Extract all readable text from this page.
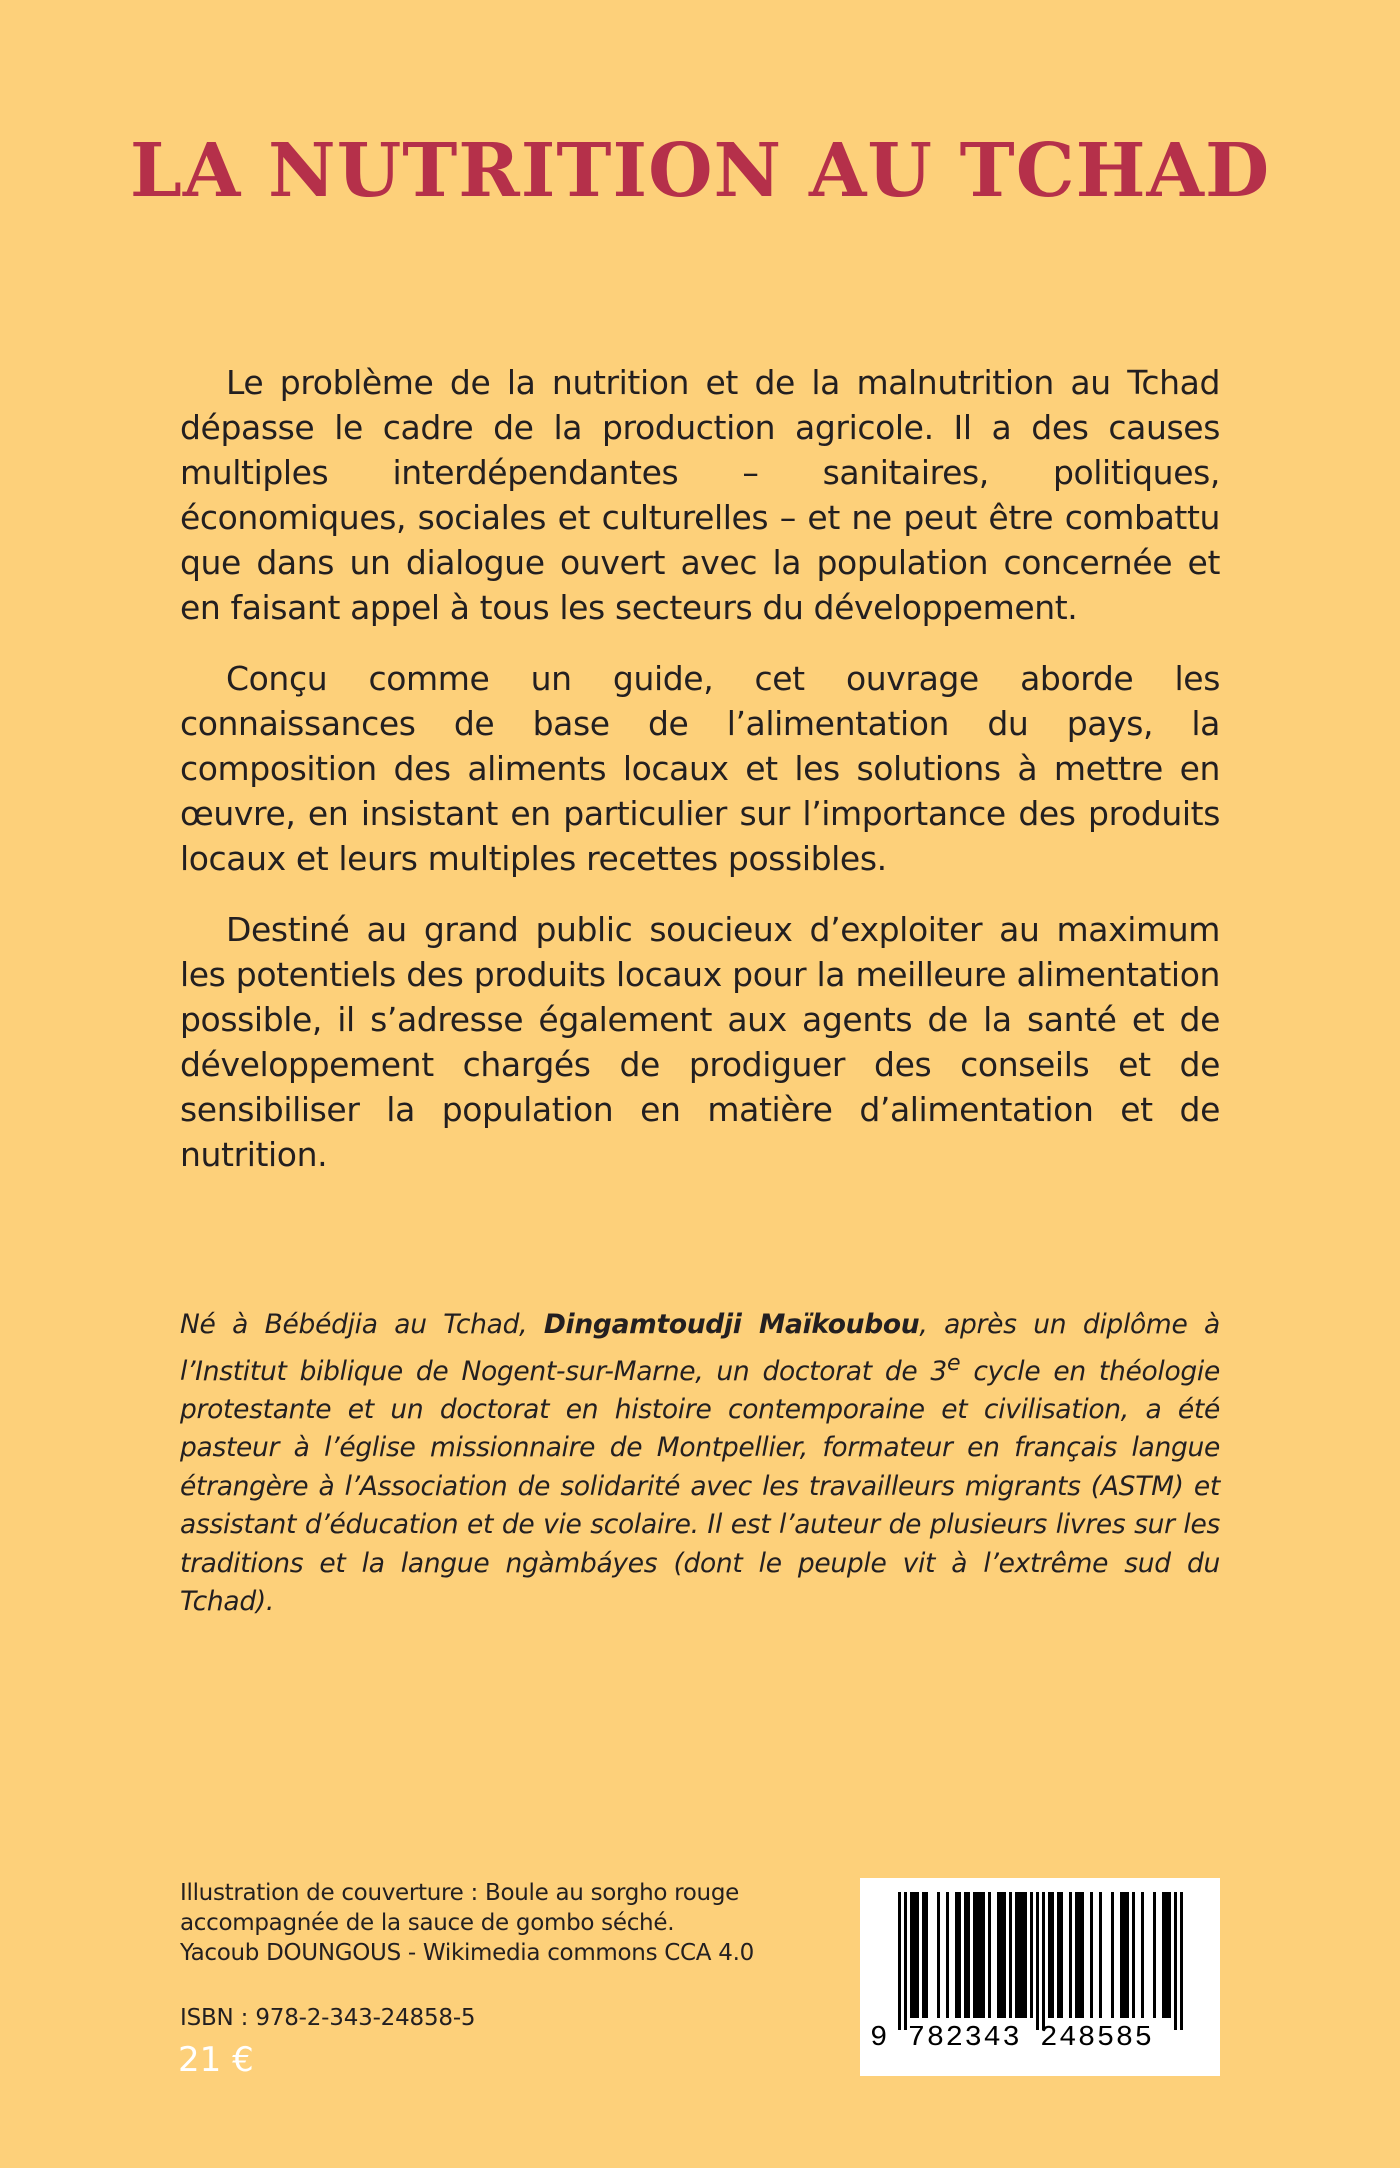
LA NUTRITION AU TCHAD

Le problème de la nutrition et de la malnutrition au Tchad dépasse le cadre de la production agricole. Il a des causes multiples interdépendantes – sanitaires, politiques, économiques, sociales et culturelles – et ne peut être combattu que dans un dialogue ouvert avec la population concernée et en faisant appel à tous les secteurs du développement.

Conçu comme un guide, cet ouvrage aborde les connaissances de base de l’alimentation du pays, la composition des aliments locaux et les solutions à mettre en œuvre, en insistant en particulier sur l’importance des produits locaux et leurs multiples recettes possibles.

Destiné au grand public soucieux d’exploiter au maximum les potentiels des produits locaux pour la meilleure alimentation possible, il s’adresse également aux agents de la santé et de développement chargés de prodiguer des conseils et de sensibiliser la population en matière d’alimentation et de nutrition.

Né à Bébédjia au Tchad, Dingamtoudji Maïkoubou, après un diplôme à l’Institut biblique de Nogent-sur-Marne, un doctorat de 3e cycle en théologie protestante et un doctorat en histoire contemporaine et civilisation, a été pasteur à l’église missionnaire de Montpellier, formateur en français langue étrangère à l’Association de solidarité avec les travailleurs migrants (ASTM) et assistant d’éducation et de vie scolaire. Il est l’auteur de plusieurs livres sur les traditions et la langue ngàmbáyes (dont le peuple vit à l’extrême sud du Tchad).

Illustration de couverture : Boule au sorgho rouge
accompagnée de la sauce de gombo séché.
Yacoub DOUNGOUS - Wikimedia commons CCA 4.0
ISBN : 978-2-343-24858-5
21 €
9 782343 248585
